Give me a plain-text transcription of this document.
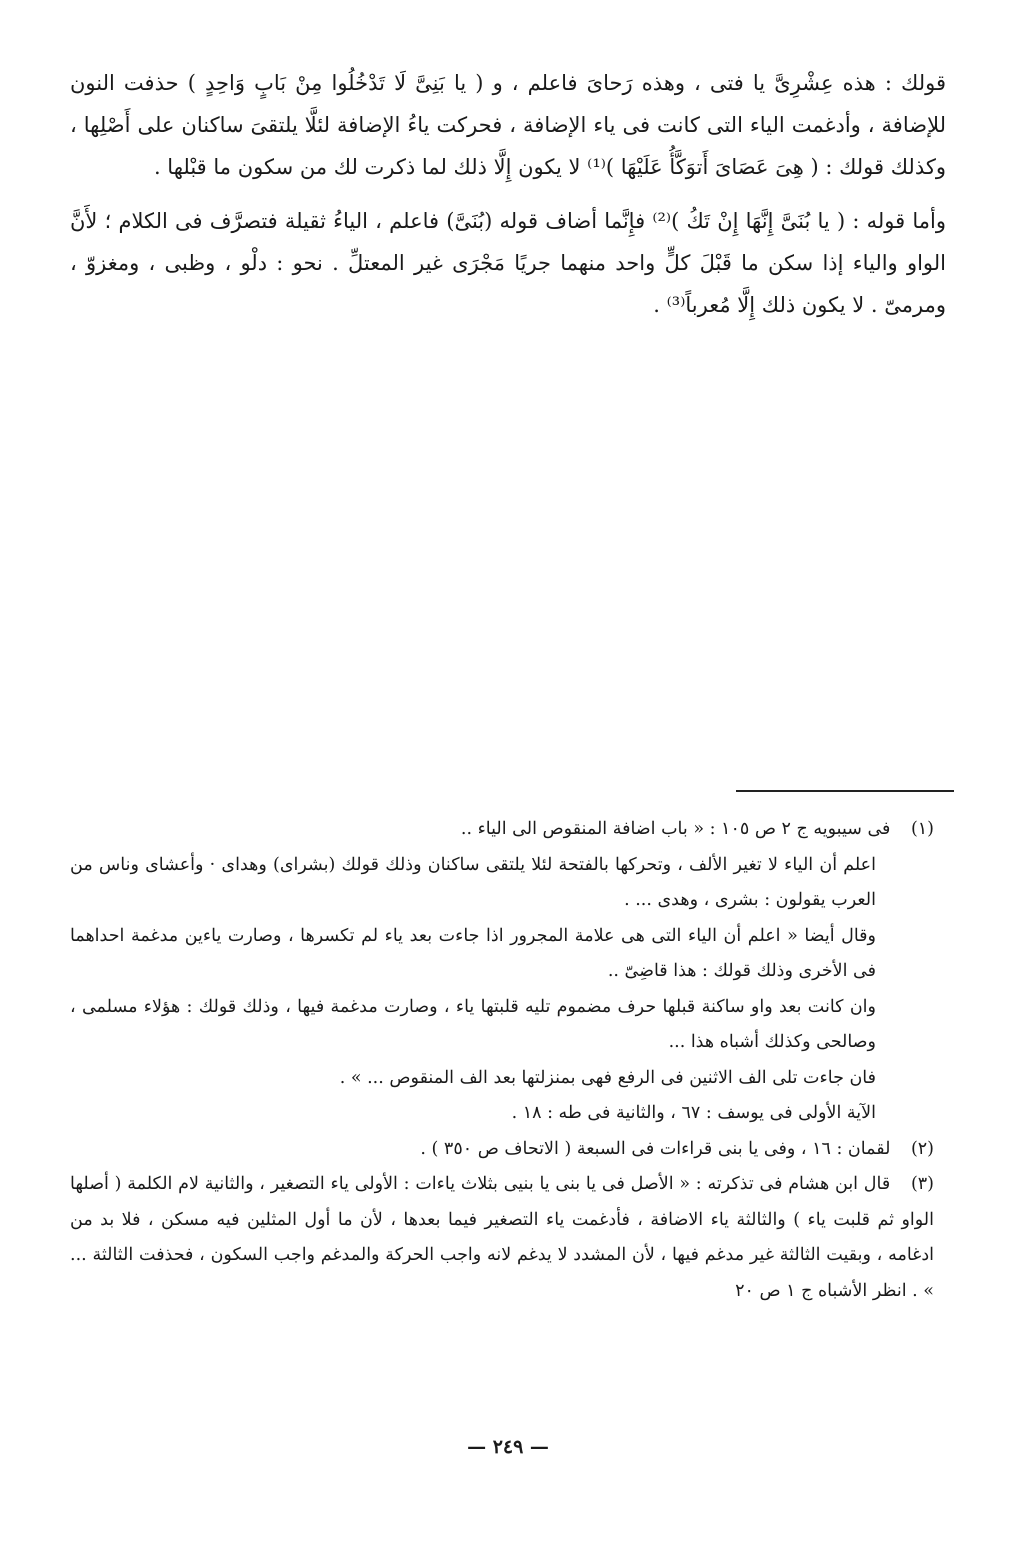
قولك : هذه عِشْرِىَّ يا فتى ، وهذه رَحاىَ فاعلم ، و ( يا بَنِىَّ لَا تَدْخُلُوا مِنْ بَابٍ وَاحِدٍ ) حذفت النون للإضافة ، وأدغمت الياء التى كانت فى ياء الإضافة ، فحركت ياءُ الإضافة لئلَّا يلتقىَ ساكنان على أَصْلِها ، وكذلك قولك : ( هِىَ عَصَاىَ أَتوَكَّأُ عَلَيْهَا )⁽¹⁾ لا يكون إِلَّا ذلك لما ذكرت لك من سكون ما قبْلها .

وأما قوله : ( يا بُنَىَّ إِنَّهَا إِنْ تَكُ )⁽²⁾ فإِنَّما أضاف قوله (بُنَىَّ) فاعلم ، الياءُ ثقيلة فتصرَّف فى الكلام ؛ لأَنَّ الواو والياء إذا سكن ما قَبْلَ كلٍّ واحد منهما جريًا مَجْرَى غير المعتلِّ . نحو : دلْو ، وظبى ، ومغزوّ ، ومرمىّ . لا يكون ذلك إِلَّا مُعرباً⁽³⁾ .

(١) فى سيبويه ج ٢ ص ١٠٥ : « باب اضافة المنقوص الى الياء ..

اعلم أن الياء لا تغير الألف ، وتحركها بالفتحة لئلا يلتقى ساكنان وذلك قولك (بشراى) وهداى · وأعشاى وناس من العرب يقولون : بشرى ، وهدى ... .

وقال أيضا « اعلم أن الياء التى هى علامة المجرور اذا جاءت بعد ياء لم تكسرها ، وصارت ياءين مدغمة احداهما فى الأخرى وذلك قولك : هذا قاضِىّ ..

وان كانت بعد واو ساكنة قبلها حرف مضموم تليه قلبتها ياء ، وصارت مدغمة فيها ، وذلك قولك : هؤلاء مسلمى ، وصالحى وكذلك أشباه هذا ...

فان جاءت تلى الف الاثنين فى الرفع فهى بمنزلتها بعد الف المنقوص ... » .

الآية الأولى فى يوسف : ٦٧ ، والثانية فى طه : ١٨ .

(٢) لقمان : ١٦ ، وفى يا بنى قراءات فى السبعة ( الاتحاف ص ٣٥٠ ) .

(٣) قال ابن هشام فى تذكرته : « الأصل فى يا بنى يا بنيى بثلاث ياءات : الأولى ياء التصغير ، والثانية لام الكلمة ( أصلها الواو ثم قلبت ياء ) والثالثة ياء الاضافة ، فأدغمت ياء التصغير فيما بعدها ، لأن ما أول المثلين فيه مسكن ، فلا بد من ادغامه ، وبقيت الثالثة غير مدغم فيها ، لأن المشدد لا يدغم لانه واجب الحركة والمدغم واجب السكون ، فحذفت الثالثة ... » . انظر الأشباه ج ١ ص ٢٠

— ٢٤٩ —
